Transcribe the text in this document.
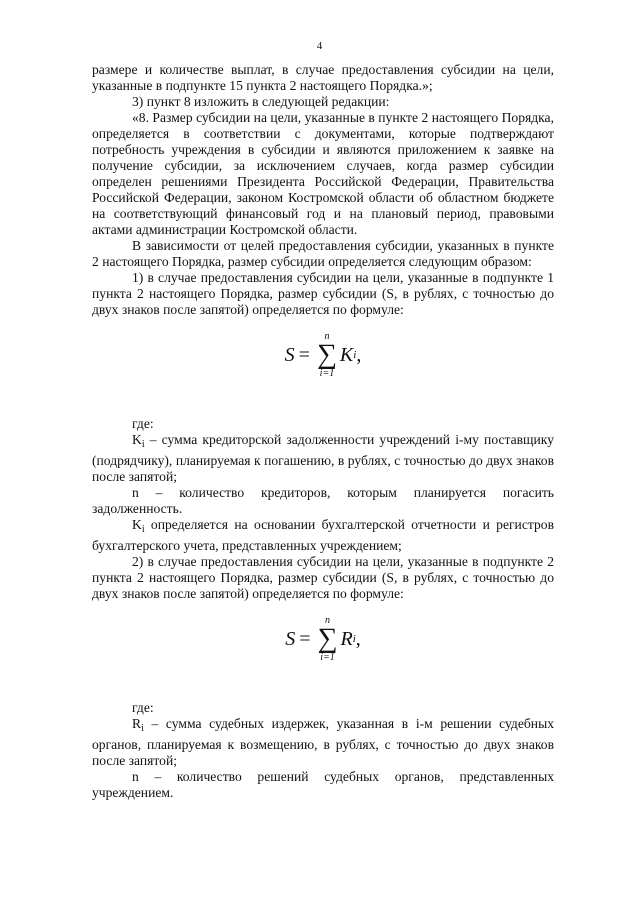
4

размере и количестве выплат, в случае предоставления субсидии на цели, указанные в подпункте 15 пункта 2 настоящего Порядка.»;

3) пункт 8 изложить в следующей редакции:

«8. Размер субсидии на цели, указанные в пункте 2 настоящего Порядка, определяется в соответствии с документами, которые подтверждают потребность учреждения в субсидии и являются приложением к заявке на получение субсидии, за исключением случаев, когда размер субсидии определен решениями Президента Российской Федерации, Правительства Российской Федерации, законом Костромской области об областном бюджете на соответствующий финансовый год и на плановый период, правовыми актами администрации Костромской области.

В зависимости от целей предоставления субсидии, указанных в пункте 2 настоящего Порядка, размер субсидии определяется следующим образом:

1) в случае предоставления субсидии на цели, указанные в подпункте 1 пункта 2 настоящего Порядка, размер субсидии (S, в рублях, с точностью до двух знаков после запятой) определяется по формуле:

S =
n
∑
i=1
K i ,

где:

$K_i$ – сумма кредиторской задолженности учреждений i-му поставщику (подрядчику), планируемая к погашению, в рублях, с точностью до двух знаков после запятой;

n – количество кредиторов, которым планируется погасить задолженность.

$K_i$ определяется на основании бухгалтерской отчетности и регистров бухгалтерского учета, представленных учреждением;

2) в случае предоставления субсидии на цели, указанные в подпункте 2 пункта 2 настоящего Порядка, размер субсидии (S, в рублях, с точностью до двух знаков после запятой) определяется по формуле:

S =
n
∑
i=1
R i ,

где:

$R_i$ – сумма судебных издержек, указанная в i-м решении судебных органов, планируемая к возмещению, в рублях, с точностью до двух знаков после запятой;

n – количество решений судебных органов, представленных учреждением.
